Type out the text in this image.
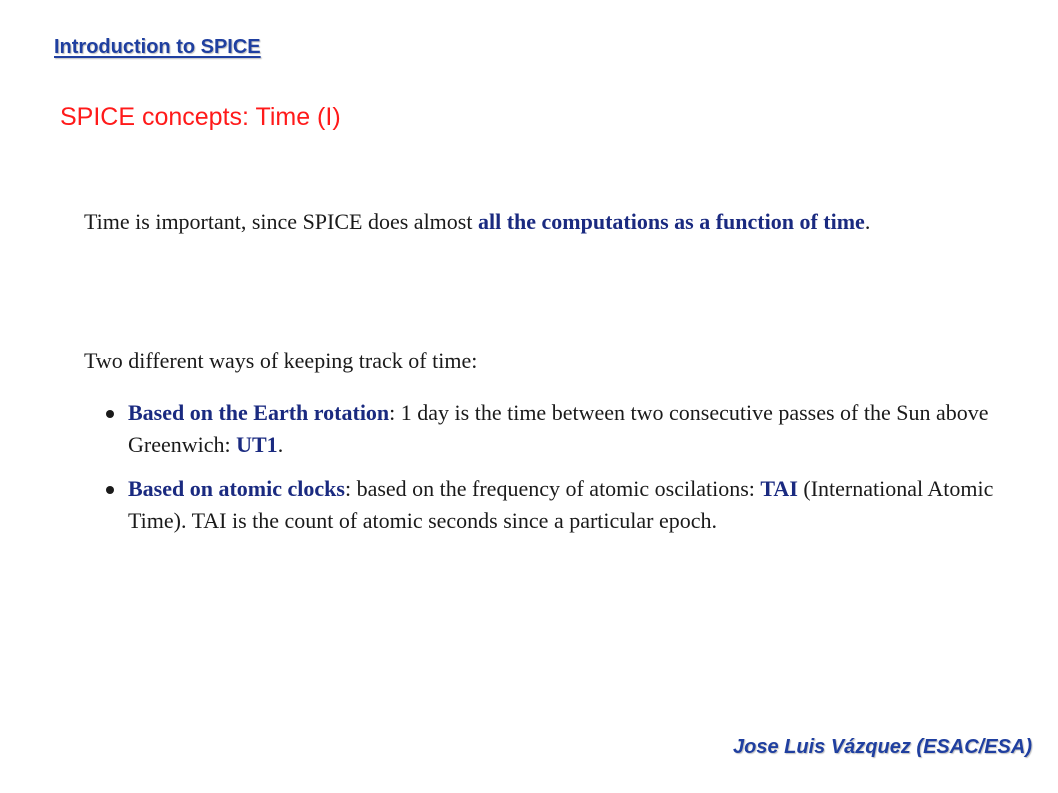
Introduction to SPICE
SPICE concepts: Time (I)
Time is important, since SPICE does almost all the computations as a function of time.
Two different ways of keeping track of time:
Based on the Earth rotation: 1 day is the time between two consecutive passes of the Sun above Greenwich: UT1.
Based on atomic clocks: based on the frequency of atomic oscilations: TAI (International Atomic Time). TAI is the count of atomic seconds since a particular epoch.
Jose Luis Vázquez (ESAC/ESA)
